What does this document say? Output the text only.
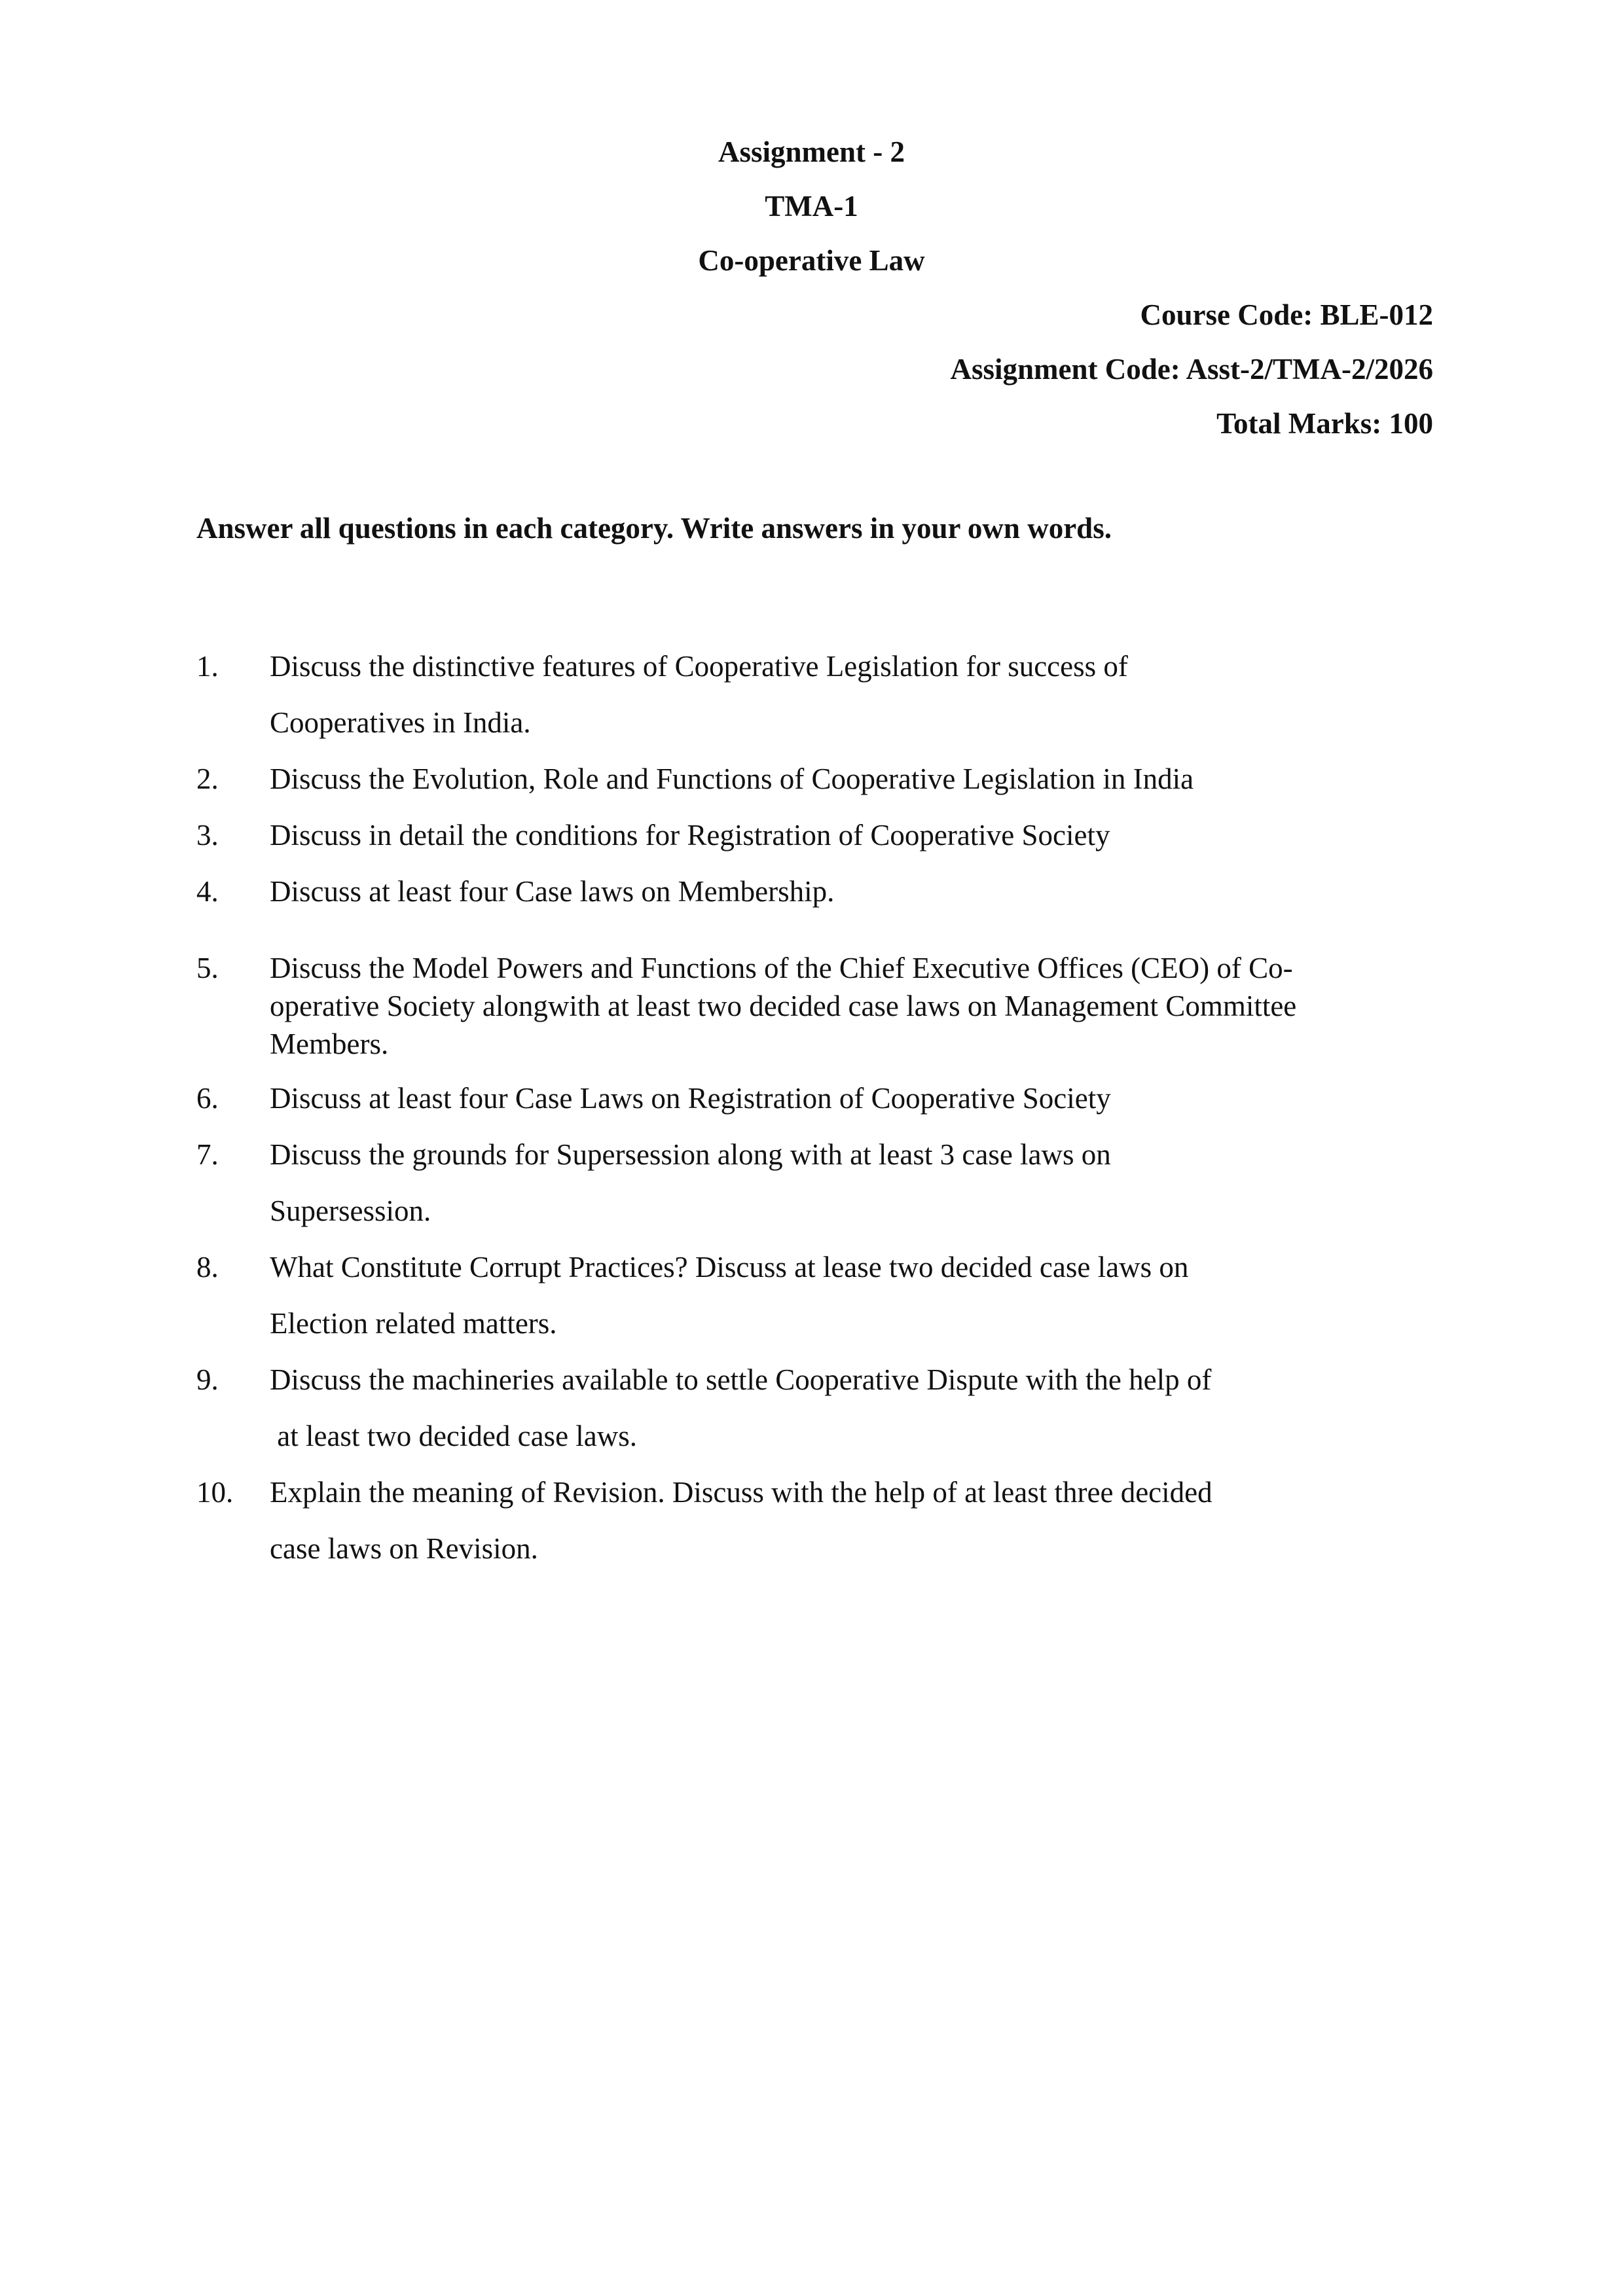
Assignment - 2
TMA-1
Co-operative Law
Course Code: BLE-012
Assignment Code: Asst-2/TMA-2/2026
Total Marks: 100
Answer all questions in each category. Write answers in your own words.
1.	Discuss the distinctive features of Cooperative Legislation for success of
Cooperatives in India.
2.	Discuss the Evolution, Role and Functions of Cooperative Legislation in India
3.	Discuss in detail the conditions for Registration of Cooperative Society
4.	Discuss at least four Case laws on Membership.
5.	Discuss the Model Powers and Functions of the Chief Executive Offices (CEO) of Co-
operative Society alongwith at least two decided case laws on Management Committee
Members.
6.	Discuss at least four Case Laws on Registration of Cooperative Society
7.	Discuss the grounds for Supersession along with at least 3 case laws on
Supersession.
8.	What Constitute Corrupt Practices? Discuss at lease two decided case laws on
Election related matters.
9.	Discuss the machineries available to settle Cooperative Dispute with the help of
at least two decided case laws.
10.	Explain the meaning of Revision. Discuss with the help of at least three decided
case laws on Revision.
